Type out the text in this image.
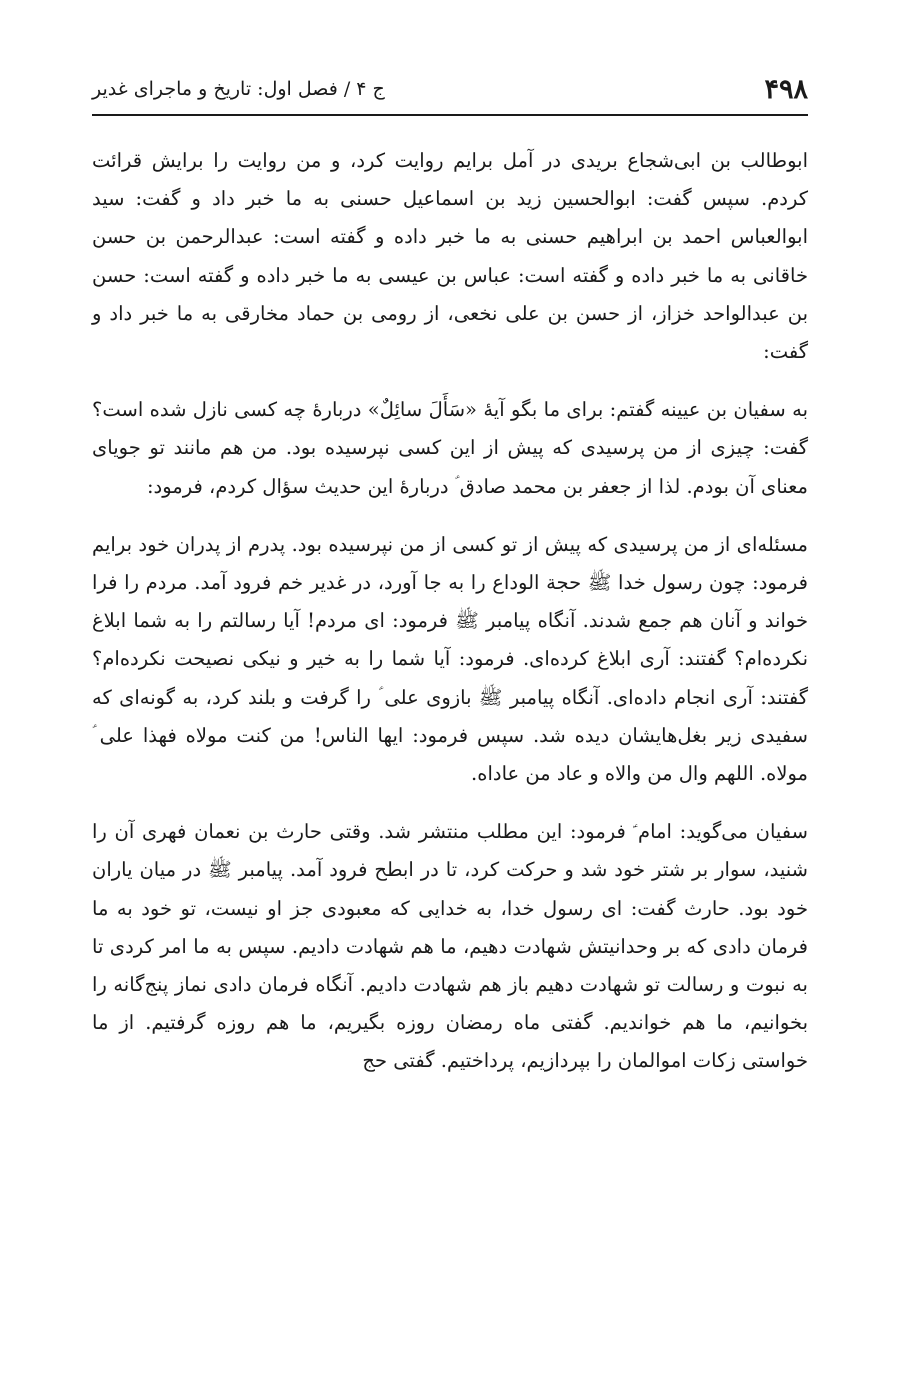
۴۹۸
ج ۴ / فصل اول: تاریخ و ماجرای غدیر

ابوطالب بن ابی‌شجاع بریدی در آمل برایم روایت کرد، و من روایت را برایش قرائت کردم. سپس گفت: ابوالحسین زید بن اسماعیل حسنی به ما خبر داد و گفت: سید ابوالعباس احمد بن ابراهیم حسنی به ما خبر داده و گفته است: عبدالرحمن بن حسن خاقانی به ما خبر داده و گفته است: عباس بن عیسی به ما خبر داده و گفته است: حسن بن عبدالواحد خزاز، از حسن بن علی نخعی، از رومی بن حماد مخارقی به ما خبر داد و گفت:

به سفیان بن عیینه گفتم: برای ما بگو آیهٔ «سَأَلَ سائِلٌ» دربارهٔ چه کسی نازل شده است؟ گفت: چیزی از من پرسیدی که پیش از این کسی نپرسیده بود. من هم مانند تو جویای معنای آن بودم. لذا از جعفر بن محمد صادق ؑ دربارهٔ این حدیث سؤال کردم، فرمود:

مسئله‌ای از من پرسیدی که پیش از تو کسی از من نپرسیده بود. پدرم از پدران خود برایم فرمود: چون رسول خدا ﷺ حجة الوداع را به جا آورد، در غدیر خم فرود آمد. مردم را فرا خواند و آنان هم جمع شدند. آنگاه پیامبر ﷺ فرمود: ای مردم! آیا رسالتم را به شما ابلاغ نکرده‌ام؟ گفتند: آری ابلاغ کرده‌ای. فرمود: آیا شما را به خیر و نیکی نصیحت نکرده‌ام؟ گفتند: آری انجام داده‌ای. آنگاه پیامبر ﷺ بازوی علی ؑ را گرفت و بلند کرد، به گونه‌ای که سفیدی زیر بغل‌هایشان دیده شد. سپس فرمود: ایها الناس! من کنت مولاه فهذا علی ؑ مولاه. اللهم وال من والاه و عاد من عاداه.

سفیان می‌گوید: امام ؑ فرمود: این مطلب منتشر شد. وقتی حارث بن نعمان فهری آن را شنید، سوار بر شتر خود شد و حرکت کرد، تا در ابطح فرود آمد. پیامبر ﷺ در میان یاران خود بود. حارث گفت: ای رسول خدا، به خدایی که معبودی جز او نیست، تو خود به ما فرمان دادی که بر وحدانیتش شهادت دهیم، ما هم شهادت دادیم. سپس به ما امر کردی تا به نبوت و رسالت تو شهادت دهیم باز هم شهادت دادیم. آنگاه فرمان دادی نماز پنج‌گانه را بخوانیم، ما هم خواندیم. گفتی ماه رمضان روزه بگیریم، ما هم روزه گرفتیم. از ما خواستی زکات اموالمان را بپردازیم، پرداختیم. گفتی حج
